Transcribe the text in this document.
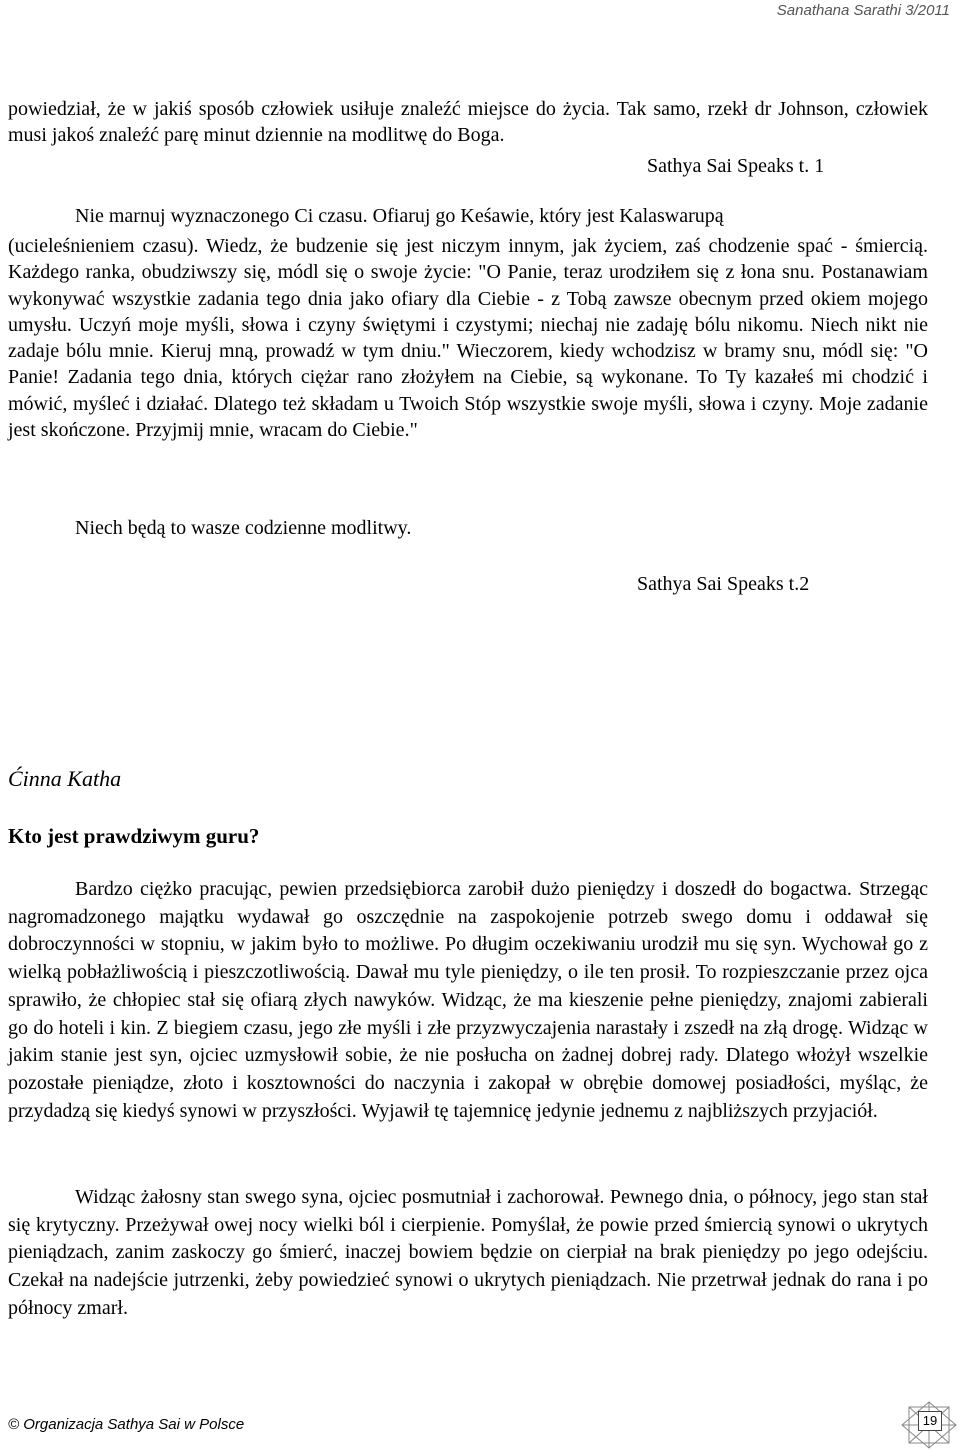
Sanathana Sarathi 3/2011
powiedział, że w jakiś sposób człowiek usiłuje znaleźć miejsce do życia. Tak samo, rzekł dr Johnson, człowiek musi jakoś znaleźć parę minut dziennie na modlitwę do Boga.
Sathya Sai Speaks t. 1
Nie marnuj wyznaczonego Ci czasu. Ofiaruj go Keśawie, który jest Kalaswarupą
(ucieleśnieniem czasu). Wiedz, że budzenie się jest niczym innym, jak życiem, zaś chodzenie spać - śmiercią. Każdego ranka, obudziwszy się, módl się o swoje życie: "O Panie, teraz urodziłem się z łona snu. Postanawiam wykonywać wszystkie zadania tego dnia jako ofiary dla Ciebie - z Tobą zawsze obecnym przed okiem mojego umysłu. Uczyń moje myśli, słowa i czyny świętymi i czystymi; niechaj nie zadaję bólu nikomu. Niech nikt nie zadaje bólu mnie. Kieruj mną, prowadź w tym dniu." Wieczorem, kiedy wchodzisz w bramy snu, módl się: "O Panie! Zadania tego dnia, których ciężar rano złożyłem na Ciebie, są wykonane. To Ty kazałeś mi chodzić i mówić, myśleć i działać. Dlatego też składam u Twoich Stóp wszystkie swoje myśli, słowa i czyny. Moje zadanie jest skończone. Przyjmij mnie, wracam do Ciebie."
Niech będą to wasze codzienne modlitwy.
Sathya Sai Speaks t.2
Ćinna Katha
Kto jest prawdziwym guru?
Bardzo ciężko pracując, pewien przedsiębiorca zarobił dużo pieniędzy i doszedł do bogactwa. Strzegąc nagromadzonego majątku wydawał go oszczędnie na zaspokojenie potrzeb swego domu i oddawał się dobroczynności w stopniu, w jakim było to możliwe. Po długim oczekiwaniu urodził mu się syn. Wychował go z wielką pobłażliwością i pieszczotliwością. Dawał mu tyle pieniędzy, o ile ten prosił. To rozpieszczanie przez ojca sprawiło, że chłopiec stał się ofiarą złych nawyków. Widząc, że ma kieszenie pełne pieniędzy, znajomi zabierali go do hoteli i kin. Z biegiem czasu, jego złe myśli i złe przyzwyczajenia narastały i zszedł na złą drogę. Widząc w jakim stanie jest syn, ojciec uzmysłowił sobie, że nie posłucha on żadnej dobrej rady. Dlatego włożył wszelkie pozostałe pieniądze, złoto i kosztowności do naczynia i zakopał w obrębie domowej posiadłości, myśląc, że przydadzą się kiedyś synowi w przyszłości. Wyjawił tę tajemnicę jedynie jednemu z najbliższych przyjaciół.
Widząc żałosny stan swego syna, ojciec posmutniał i zachorował. Pewnego dnia, o północy, jego stan stał się krytyczny. Przeżywał owej nocy wielki ból i cierpienie. Pomyślał, że powie przed śmiercią synowi o ukrytych pieniądzach, zanim zaskoczy go śmierć, inaczej bowiem będzie on cierpiał na brak pieniędzy po jego odejściu. Czekał na nadejście jutrzenki, żeby powiedzieć synowi o ukrytych pieniądzach. Nie przetrwał jednak do rana i po północy zmarł.
© Organizacja Sathya Sai w Polsce	19
